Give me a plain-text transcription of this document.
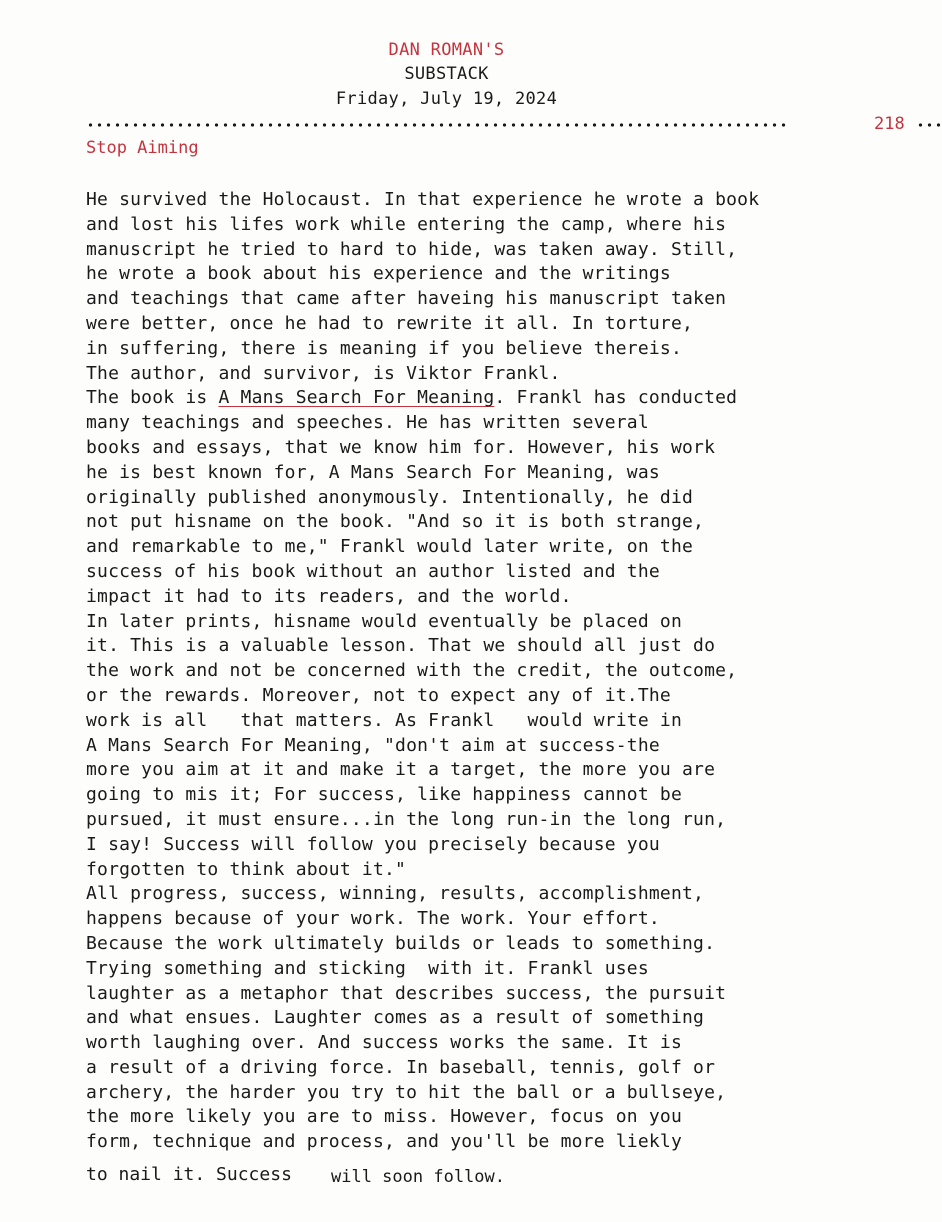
DAN ROMAN'S
SUBSTACK
Friday, July 19, 2024
218
Stop Aiming
He survived the Holocaust. In that experience he wrote a book
and lost his lifes work while entering the camp, where his
manuscript he tried to hard to hide, was taken away. Still,
he wrote a book about his experience and the writings
and teachings that came after haveing his manuscript taken
were better, once he had to rewrite it all. In torture,
in suffering, there is meaning if you believe thereis.
The author, and survivor, is Viktor Frankl.
The book is A Mans Search For Meaning. Frankl has conducted
many teachings and speeches. He has written several
books and essays, that we know him for. However, his work
he is best known for, A Mans Search For Meaning, was
originally published anonymously. Intentionally, he did
not put hisname on the book. "And so it is both strange,
and remarkable to me," Frankl would later write, on the
success of his book without an author listed and the
impact it had to its readers, and the world.
In later prints, hisname would eventually be placed on
it. This is a valuable lesson. That we should all just do
the work and not be concerned with the credit, the outcome,
or the rewards. Moreover, not to expect any of it.The
work is all   that matters. As Frankl   would write in
A Mans Search For Meaning, "don't aim at success-the
more you aim at it and make it a target, the more you are
going to mis it; For success, like happiness cannot be
pursued, it must ensure...in the long run-in the long run,
I say! Success will follow you precisely because you
forgotten to think about it."
All progress, success, winning, results, accomplishment,
happens because of your work. The work. Your effort.
Because the work ultimately builds or leads to something.
Trying something and sticking  with it. Frankl uses
laughter as a metaphor that describes success, the pursuit
and what ensues. Laughter comes as a result of something
worth laughing over. And success works the same. It is
a result of a driving force. In baseball, tennis, golf or
archery, the harder you try to hit the ball or a bullseye,
the more likely you are to miss. However, focus on you
form, technique and process, and you'll be more liekly
to nail it. Success will soon follow.
